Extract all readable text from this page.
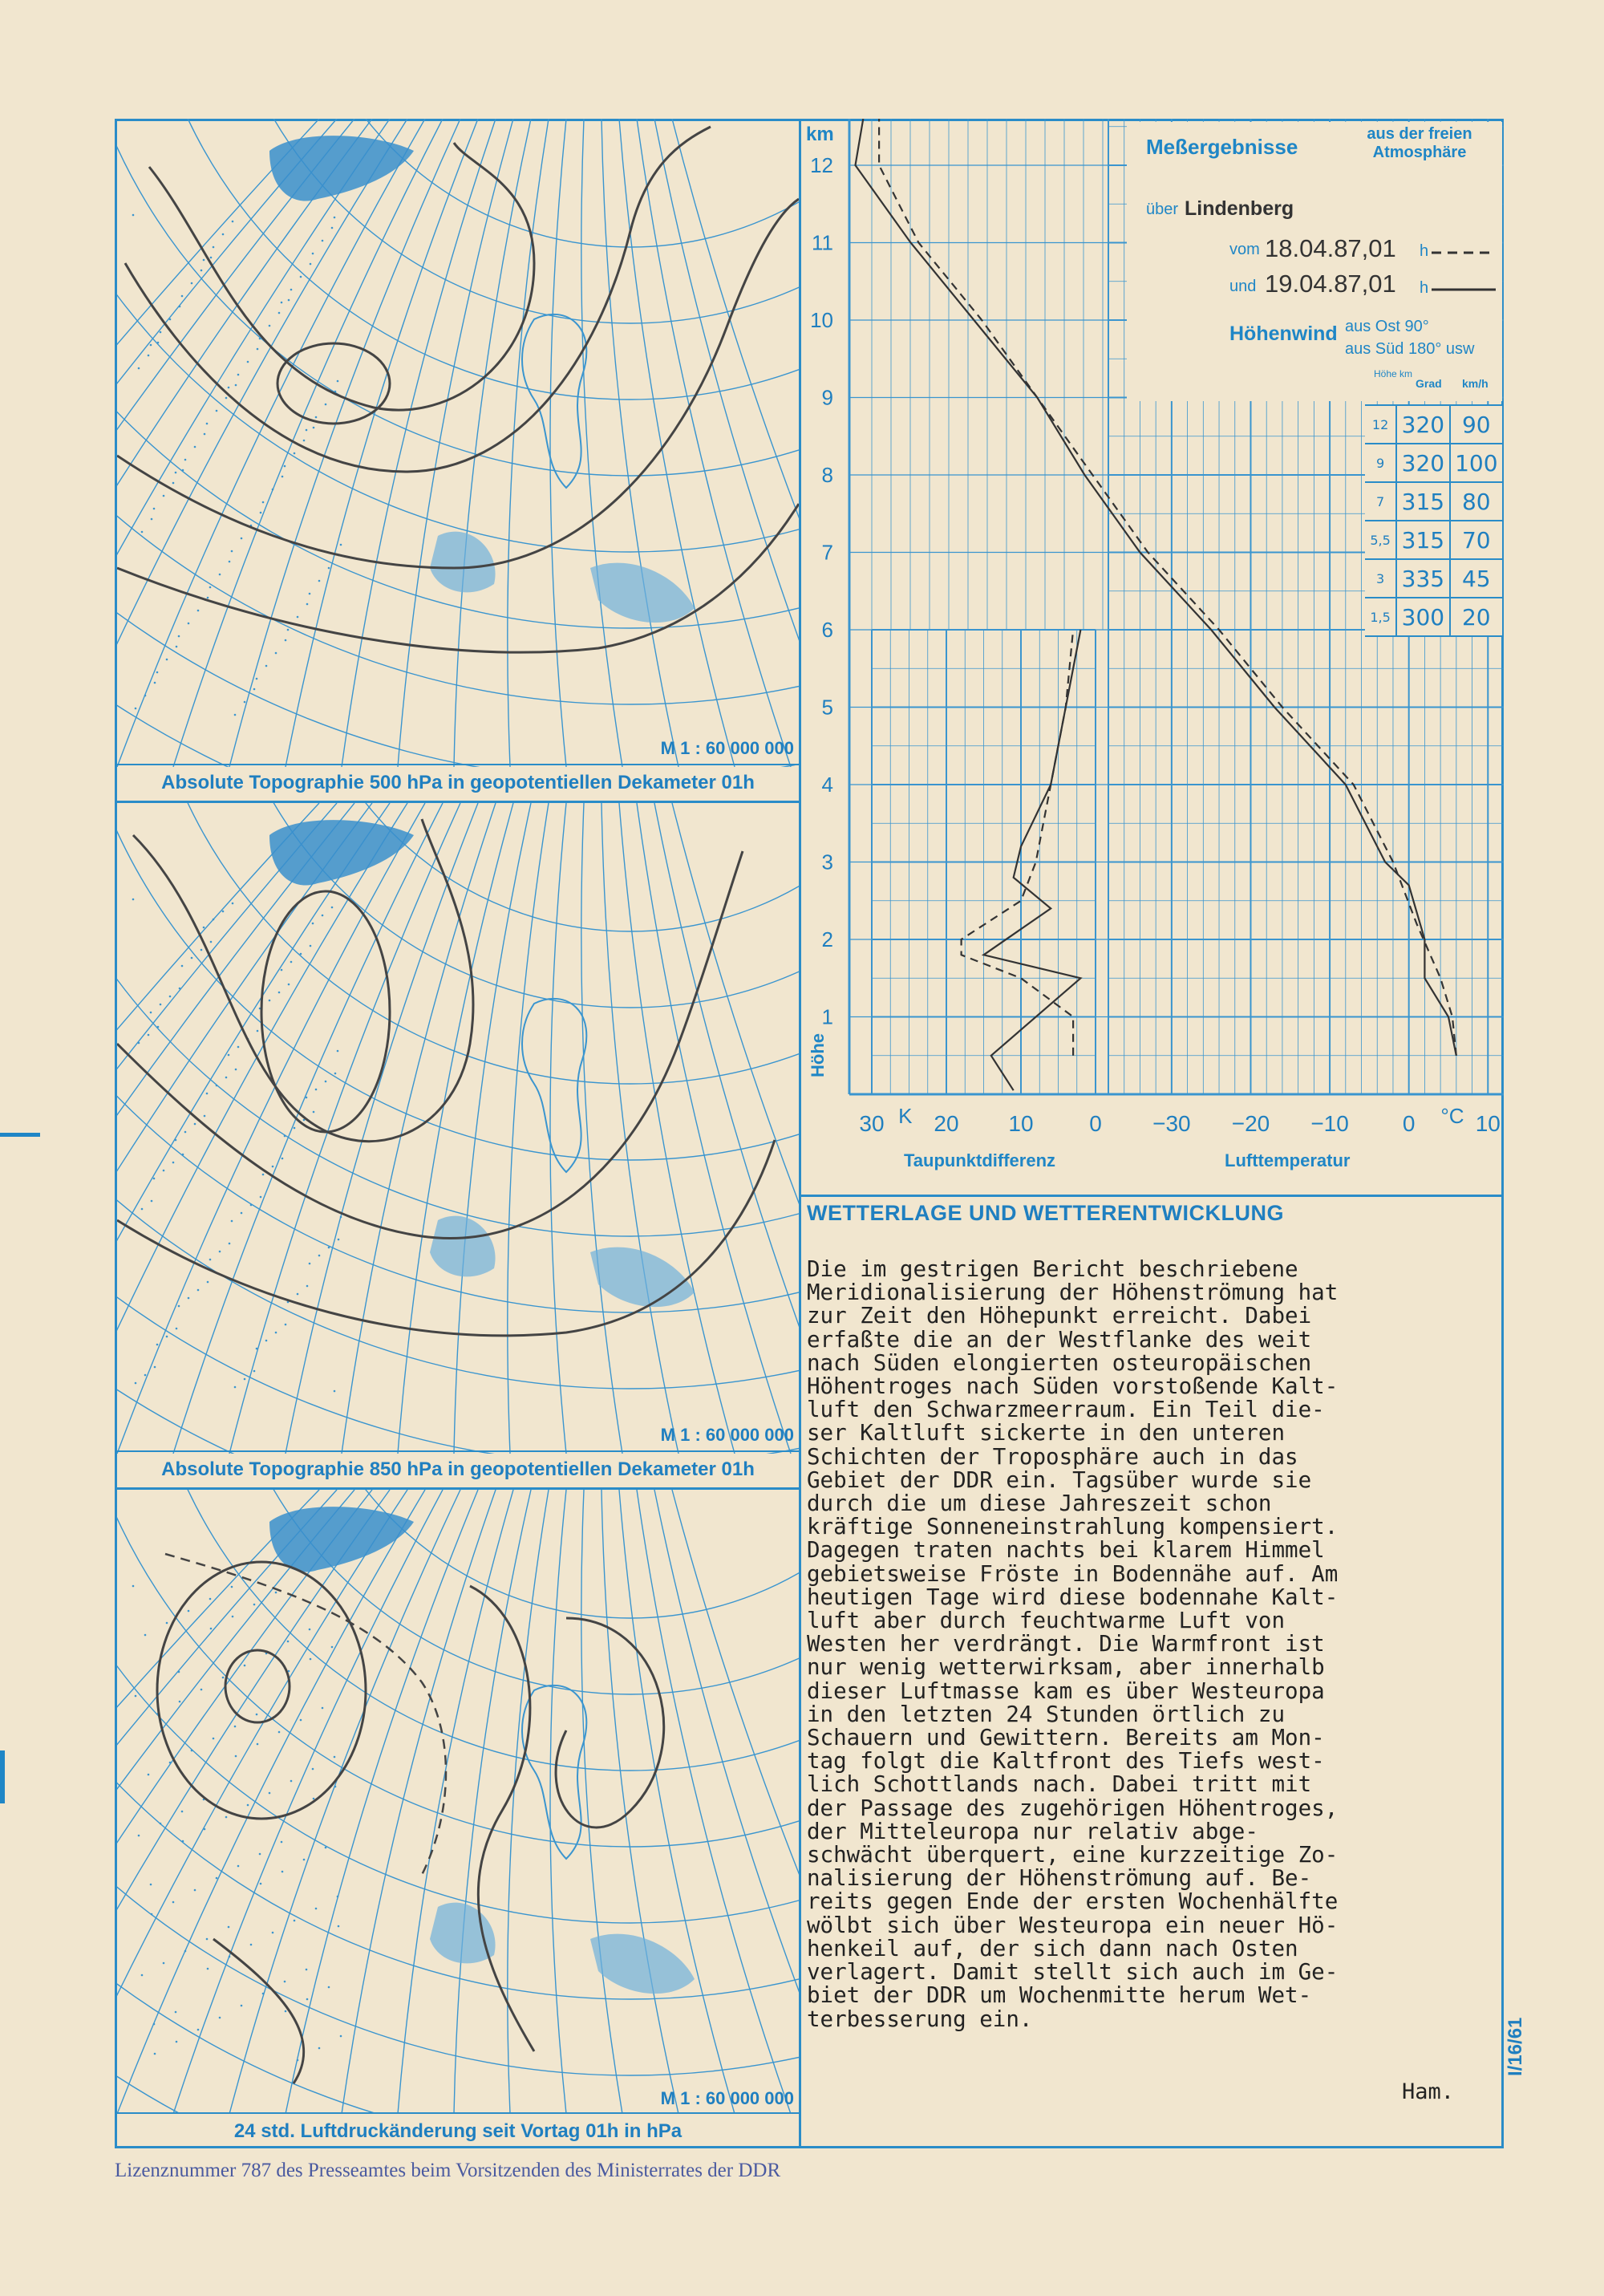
M 1 : 60 000 000
Absolute Topographie 500 hPa in geopotentiellen Dekameter 01h
M 1 : 60 000 000
Absolute Topographie 850 hPa in geopotentiellen Dekameter 01h
M 1 : 60 000 000
24 std. Luftdruckänderung seit Vortag 01h in hPa
1
2
3
4
5
6
7
8
9
10
11
12
30 20 10 0
K	−30 −20 −10 0	10
°C
km
Höhe
Meßergebnisse
aus der freien Atmosphäre
über Lindenberg
vom 18.04.87,01 h
und 19.04.87,01 h
Höhenwind aus Ost 90°
aus Süd 180° usw
Höhe km
Grad km/h
12	320	90
9	320	100
7	315	80
5,5	315	70
3	335	45
1,5	300	20
Taupunktdifferenz	Lufttemperatur
WETTERLAGE UND WETTERENTWICKLUNG
Die im gestrigen Bericht beschriebene
Meridionalisierung der Höhenströmung hat
zur Zeit den Höhepunkt erreicht. Dabei
erfaßte die an der Westflanke des weit
nach Süden elongierten osteuropäischen
Höhentroges nach Süden vorstoßende Kalt-
luft den Schwarzmeerraum. Ein Teil die-
ser Kaltluft sickerte in den unteren
Schichten der Troposphäre auch in das
Gebiet der DDR ein. Tagsüber wurde sie
durch die um diese Jahreszeit schon
kräftige Sonneneinstrahlung kompensiert.
Dagegen traten nachts bei klarem Himmel
gebietsweise Fröste in Bodennähe auf. Am
heutigen Tage wird diese bodennahe Kalt-
luft aber durch feuchtwarme Luft von
Westen her verdrängt. Die Warmfront ist
nur wenig wetterwirksam, aber innerhalb
dieser Luftmasse kam es über Westeuropa
in den letzten 24 Stunden örtlich zu
Schauern und Gewittern. Bereits am Mon-
tag folgt die Kaltfront des Tiefs west-
lich Schottlands nach. Dabei tritt mit
der Passage des zugehörigen Höhentroges,
der Mitteleuropa nur relativ abge-
schwächt überquert, eine kurzzeitige Zo-
nalisierung der Höhenströmung auf. Be-
reits gegen Ende der ersten Wochenhälfte
wölbt sich über Westeuropa ein neuer Hö-
henkeil auf, der sich dann nach Osten
verlagert. Damit stellt sich auch im Ge-
biet der DDR um Wochenmitte herum Wet-
terbesserung ein.
Ham.
Lizenznummer 787 des Presseamtes beim Vorsitzenden des Ministerrates der DDR
I/16/61
